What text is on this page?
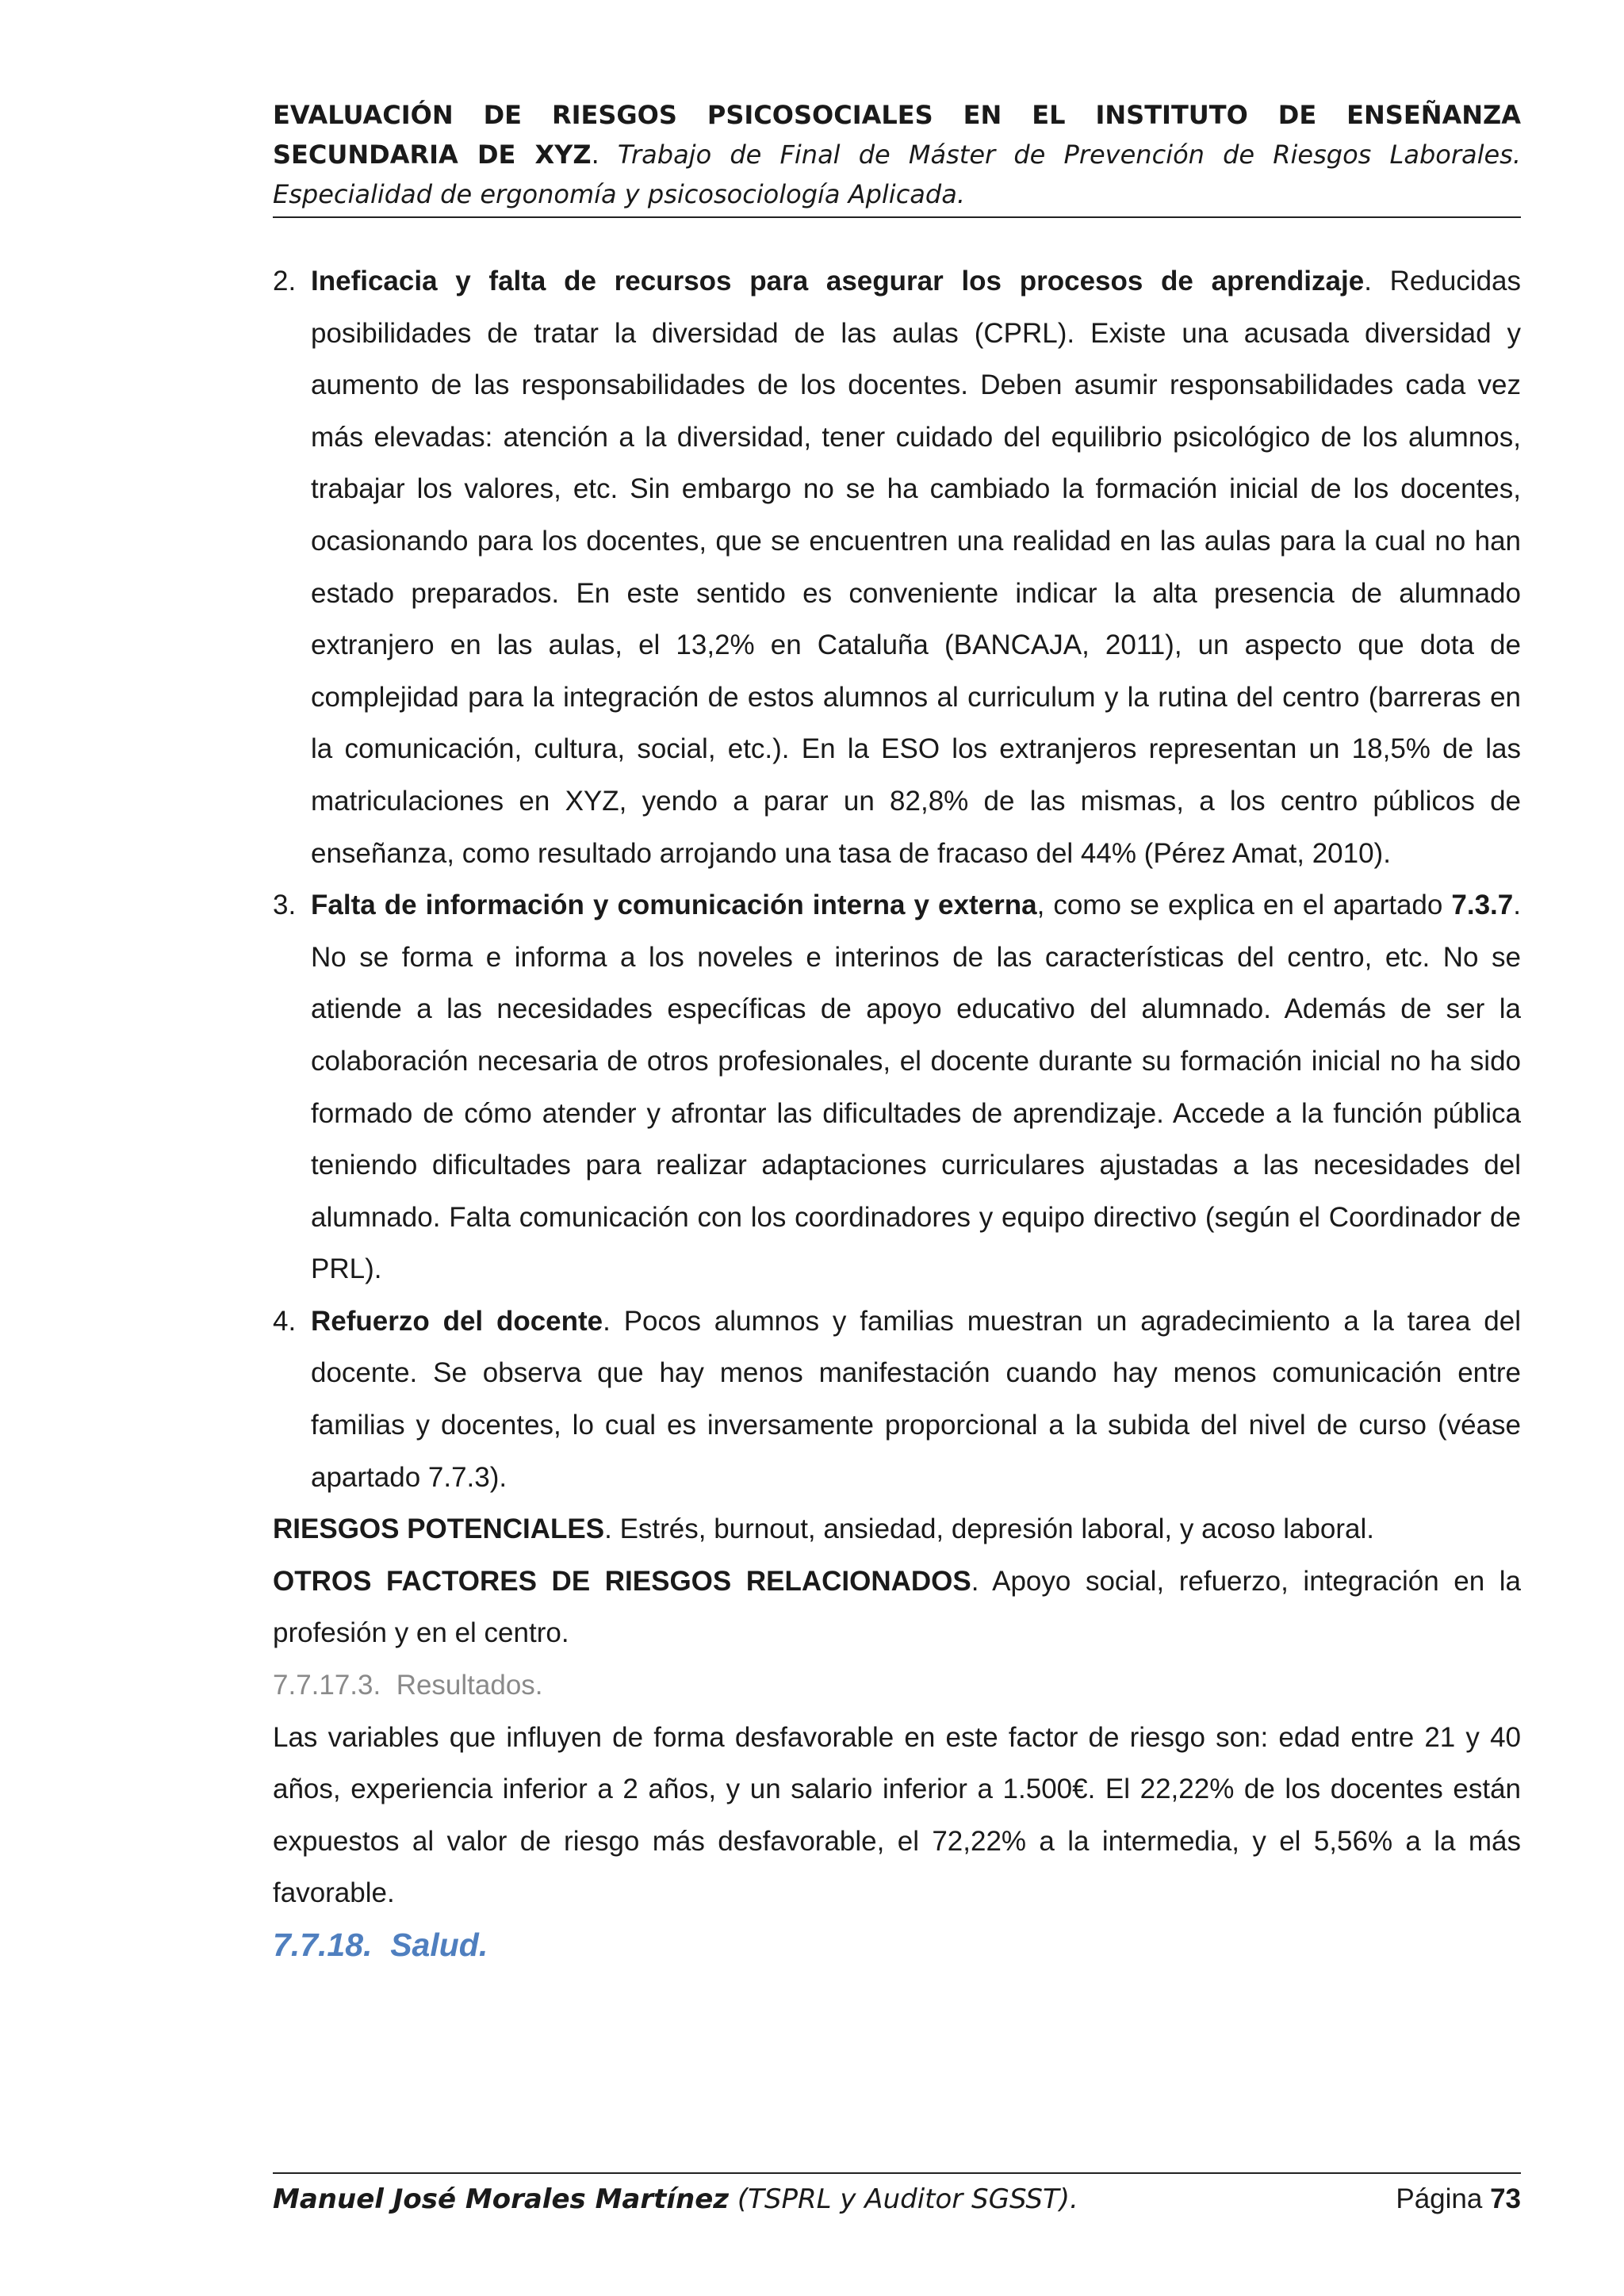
EVALUACIÓN DE RIESGOS PSICOSOCIALES EN EL INSTITUTO DE ENSEÑANZA SECUNDARIA DE XYZ. Trabajo de Final de Máster de Prevención de Riesgos Laborales. Especialidad de ergonomía y psicosociología Aplicada.
2. Ineficacia y falta de recursos para asegurar los procesos de aprendizaje. Reducidas posibilidades de tratar la diversidad de las aulas (CPRL). Existe una acusada diversidad y aumento de las responsabilidades de los docentes. Deben asumir responsabilidades cada vez más elevadas: atención a la diversidad, tener cuidado del equilibrio psicológico de los alumnos, trabajar los valores, etc. Sin embargo no se ha cambiado la formación inicial de los docentes, ocasionando para los docentes, que se encuentren una realidad en las aulas para la cual no han estado preparados. En este sentido es conveniente indicar la alta presencia de alumnado extranjero en las aulas, el 13,2% en Cataluña (BANCAJA, 2011), un aspecto que dota de complejidad para la integración de estos alumnos al curriculum y la rutina del centro (barreras en la comunicación, cultura, social, etc.). En la ESO los extranjeros representan un 18,5% de las matriculaciones en XYZ, yendo a parar un 82,8% de las mismas, a los centro públicos de enseñanza, como resultado arrojando una tasa de fracaso del 44% (Pérez Amat, 2010).
3. Falta de información y comunicación interna y externa, como se explica en el apartado 7.3.7. No se forma e informa a los noveles e interinos de las características del centro, etc. No se atiende a las necesidades específicas de apoyo educativo del alumnado. Además de ser la colaboración necesaria de otros profesionales, el docente durante su formación inicial no ha sido formado de cómo atender y afrontar las dificultades de aprendizaje. Accede a la función pública teniendo dificultades para realizar adaptaciones curriculares ajustadas a las necesidades del alumnado. Falta comunicación con los coordinadores y equipo directivo (según el Coordinador de PRL).
4. Refuerzo del docente. Pocos alumnos y familias muestran un agradecimiento a la tarea del docente. Se observa que hay menos manifestación cuando hay menos comunicación entre familias y docentes, lo cual es inversamente proporcional a la subida del nivel de curso (véase apartado 7.7.3).

RIESGOS POTENCIALES. Estrés, burnout, ansiedad, depresión laboral, y acoso laboral.

OTROS FACTORES DE RIESGOS RELACIONADOS. Apoyo social, refuerzo, integración en la profesión y en el centro.

7.7.17.3. Resultados.

Las variables que influyen de forma desfavorable en este factor de riesgo son: edad entre 21 y 40 años, experiencia inferior a 2 años, y un salario inferior a 1.500€. El 22,22% de los docentes están expuestos al valor de riesgo más desfavorable, el 72,22% a la intermedia, y el 5,56% a la más favorable.

7.7.18. Salud.

Manuel José Morales Martínez (TSPRL y Auditor SGSST).	Página 73
